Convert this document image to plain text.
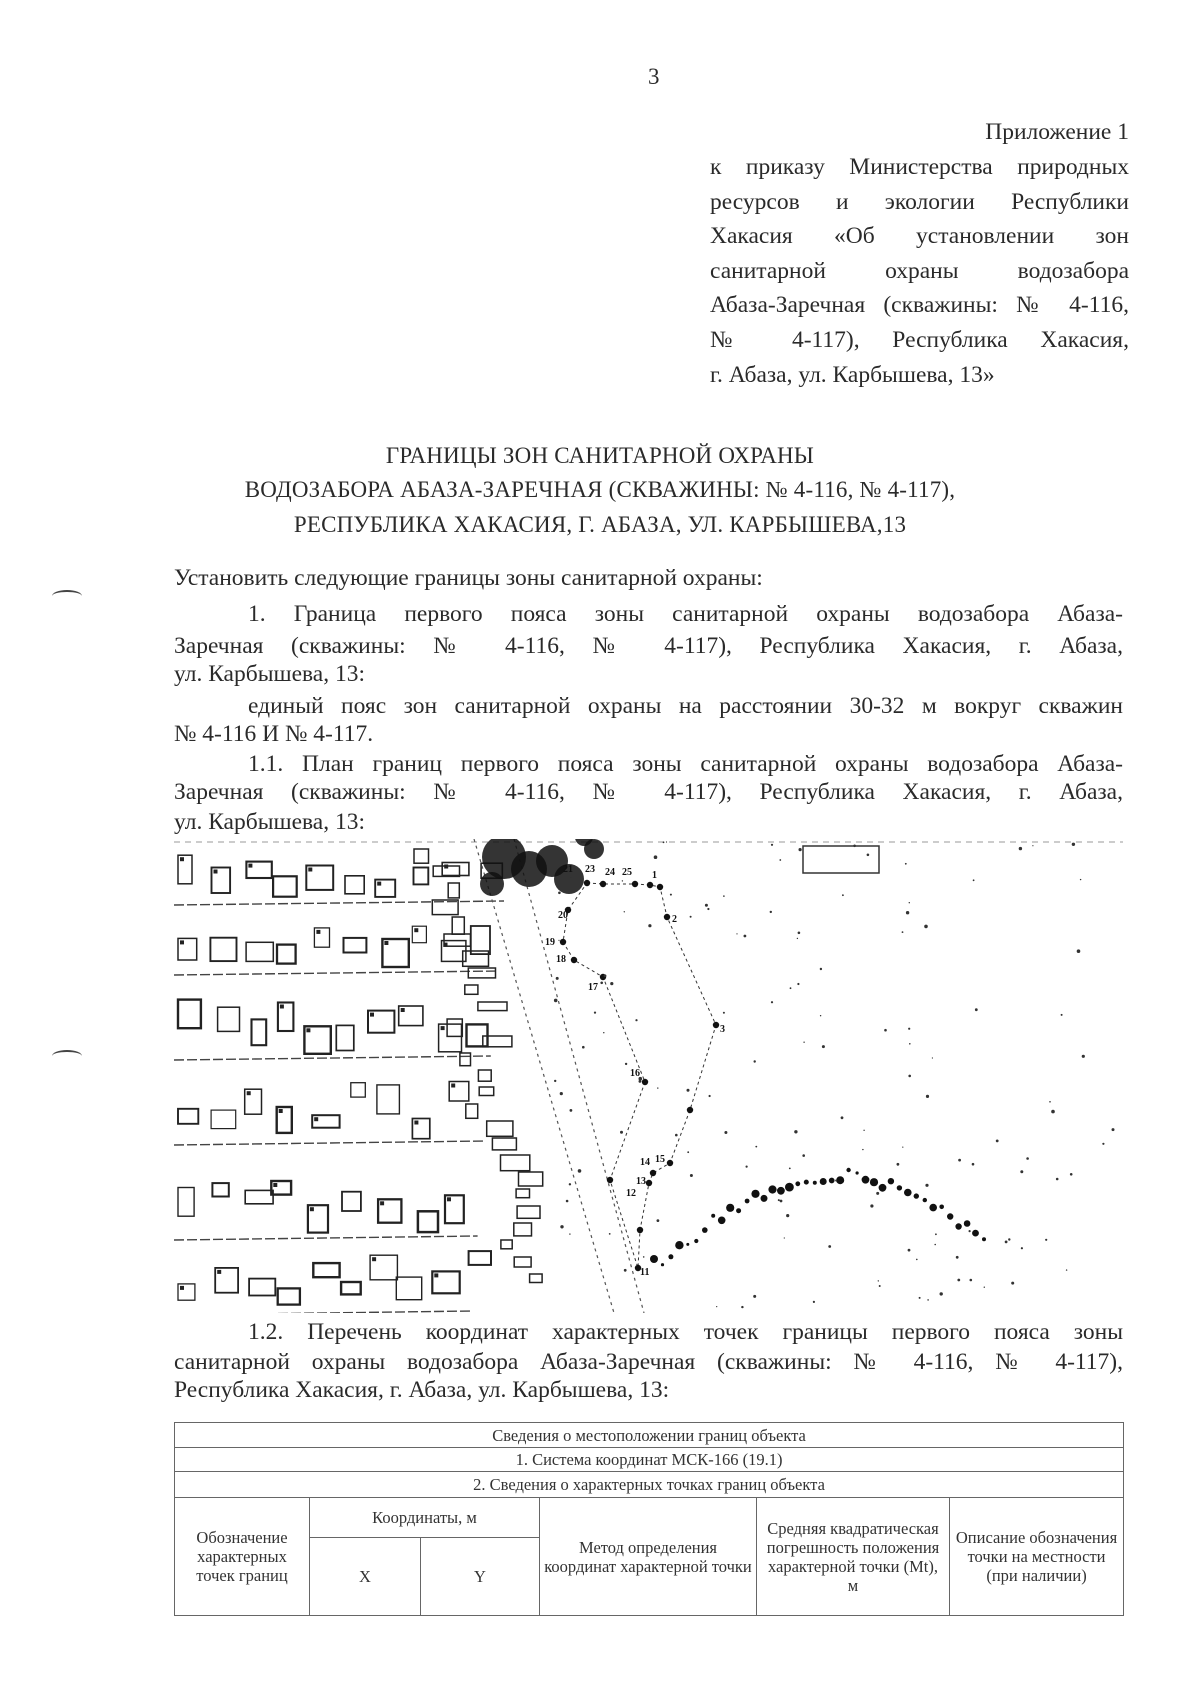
3
Приложение 1
к приказу Министерства природных
ресурсов и экологии Республики
Хакасия «Об установлении зон
санитарной охраны водозабора
Абаза-Заречная (скважины: № 4-116,
№ 4-117), Республика Хакасия,
г. Абаза, ул. Карбышева, 13»
ГРАНИЦЫ ЗОН САНИТАРНОЙ ОХРАНЫ
ВОДОЗАБОРА АБАЗА-ЗАРЕЧНАЯ (СКВАЖИНЫ: № 4-116, № 4-117),
РЕСПУБЛИКА ХАКАСИЯ, Г. АБАЗА, УЛ. КАРБЫШЕВА,13
Установить следующие границы зоны санитарной охраны:
1. Граница первого пояса зоны санитарной охраны водозабора Абаза-
Заречная (скважины: № 4-116, № 4-117), Республика Хакасия, г. Абаза,
ул. Карбышева, 13:
единый пояс зон санитарной охраны на расстоянии 30-32 м вокруг скважин
№ 4-116 И № 4-117.
1.1. План границ первого пояса зоны санитарной охраны водозабора Абаза-
Заречная (скважины: № 4-116, № 4-117), Республика Хакасия, г. Абаза,
ул. Карбышева, 13:
1
2
3
11
12
13
14 15
16
17
18
19
20
21 23 24 25
1.2. Перечень координат характерных точек границы первого пояса зоны
санитарной охраны водозабора Абаза-Заречная (скважины: № 4-116, № 4-117),
Республика Хакасия, г. Абаза, ул. Карбышева, 13:
Сведения о местоположении границ объекта					
1. Система координат МСК-166 (19.1)					
2. Сведения о характерных точках границ объекта					
Обозначение характерных точек границ	Координаты, м		Метод определения координат характерной точки	Средняя квадратическая погрешность положения характерной точки (Mt), м	Описание обозначения точки на местности (при наличии)
	X	Y			
